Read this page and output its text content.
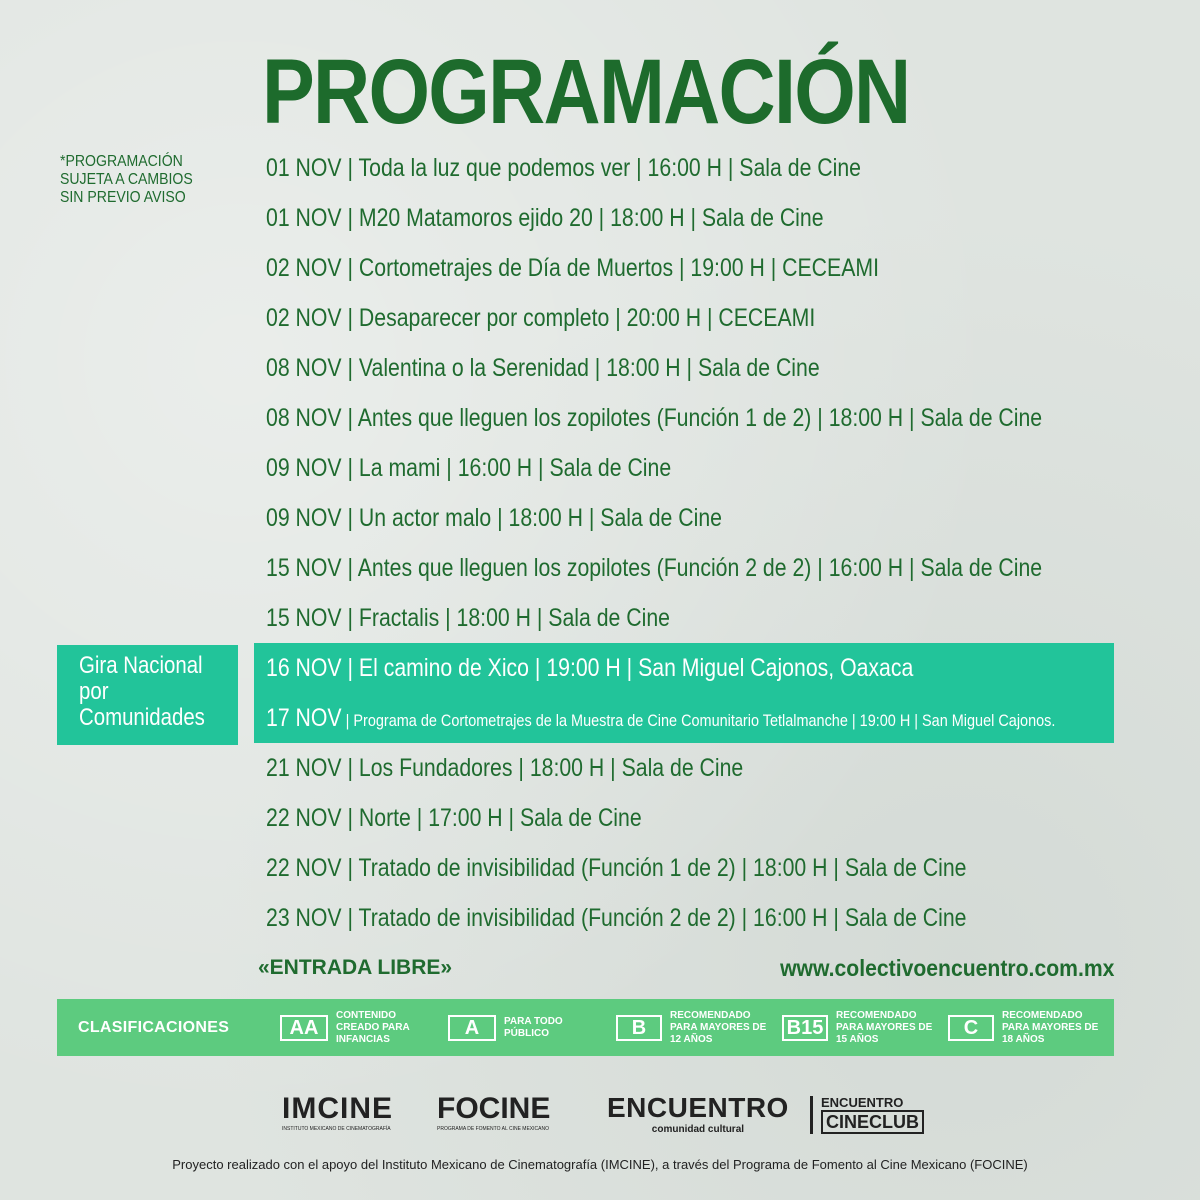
PROGRAMACIÓN
*PROGRAMACIÓN
SUJETA A CAMBIOS
SIN PREVIO AVISO
Gira Nacional
por
Comunidades
01 NOV | Toda la luz que podemos ver | 16:00 H | Sala de Cine
01 NOV | M20 Matamoros ejido 20 | 18:00 H | Sala de Cine
02 NOV | Cortometrajes de Día de Muertos | 19:00 H | CECEAMI
02 NOV | Desaparecer por completo | 20:00 H | CECEAMI
08 NOV | Valentina o la Serenidad | 18:00 H | Sala de Cine
08 NOV | Antes que lleguen los zopilotes (Función 1 de 2) | 18:00 H | Sala de Cine
09 NOV | La mami | 16:00 H | Sala de Cine
09 NOV | Un actor malo | 18:00 H | Sala de Cine
15 NOV | Antes que lleguen los zopilotes (Función 2 de 2) | 16:00 H | Sala de Cine
15 NOV | Fractalis | 18:00 H | Sala de Cine
16 NOV | El camino de Xico | 19:00 H | San Miguel Cajonos, Oaxaca
17 NOV | Programa de Cortometrajes de la Muestra de Cine Comunitario Tetlalmanche | 19:00 H | San Miguel Cajonos.
21 NOV | Los Fundadores | 18:00 H | Sala de Cine
22 NOV | Norte | 17:00 H | Sala de Cine
22 NOV | Tratado de invisibilidad (Función 1 de 2) | 18:00 H | Sala de Cine
23 NOV | Tratado de invisibilidad (Función 2 de 2) | 16:00 H | Sala de Cine
«ENTRADA LIBRE»	www.colectivoencuentro.com.mx
CLASIFICACIONES	AA
CONTENIDO CREADO PARA INFANCIAS
A	PARA TODO PÚBLICO	B
RECOMENDADO PARA MAYORES DE 12 AÑOS
B15
RECOMENDADO PARA MAYORES DE 15 AÑOS
C
RECOMENDADO PARA MAYORES DE 18 AÑOS
IMCINE
INSTITUTO MEXICANO DE CINEMATOGRAFÍA
FOCINE
PROGRAMA DE FOMENTO AL CINE MEXICANO
ENCUENTRO
comunidad cultural
ENCUENTRO
CINECLUB
Proyecto realizado con el apoyo del Instituto Mexicano de Cinematografía (IMCINE), a través del Programa de Fomento al Cine Mexicano (FOCINE)
